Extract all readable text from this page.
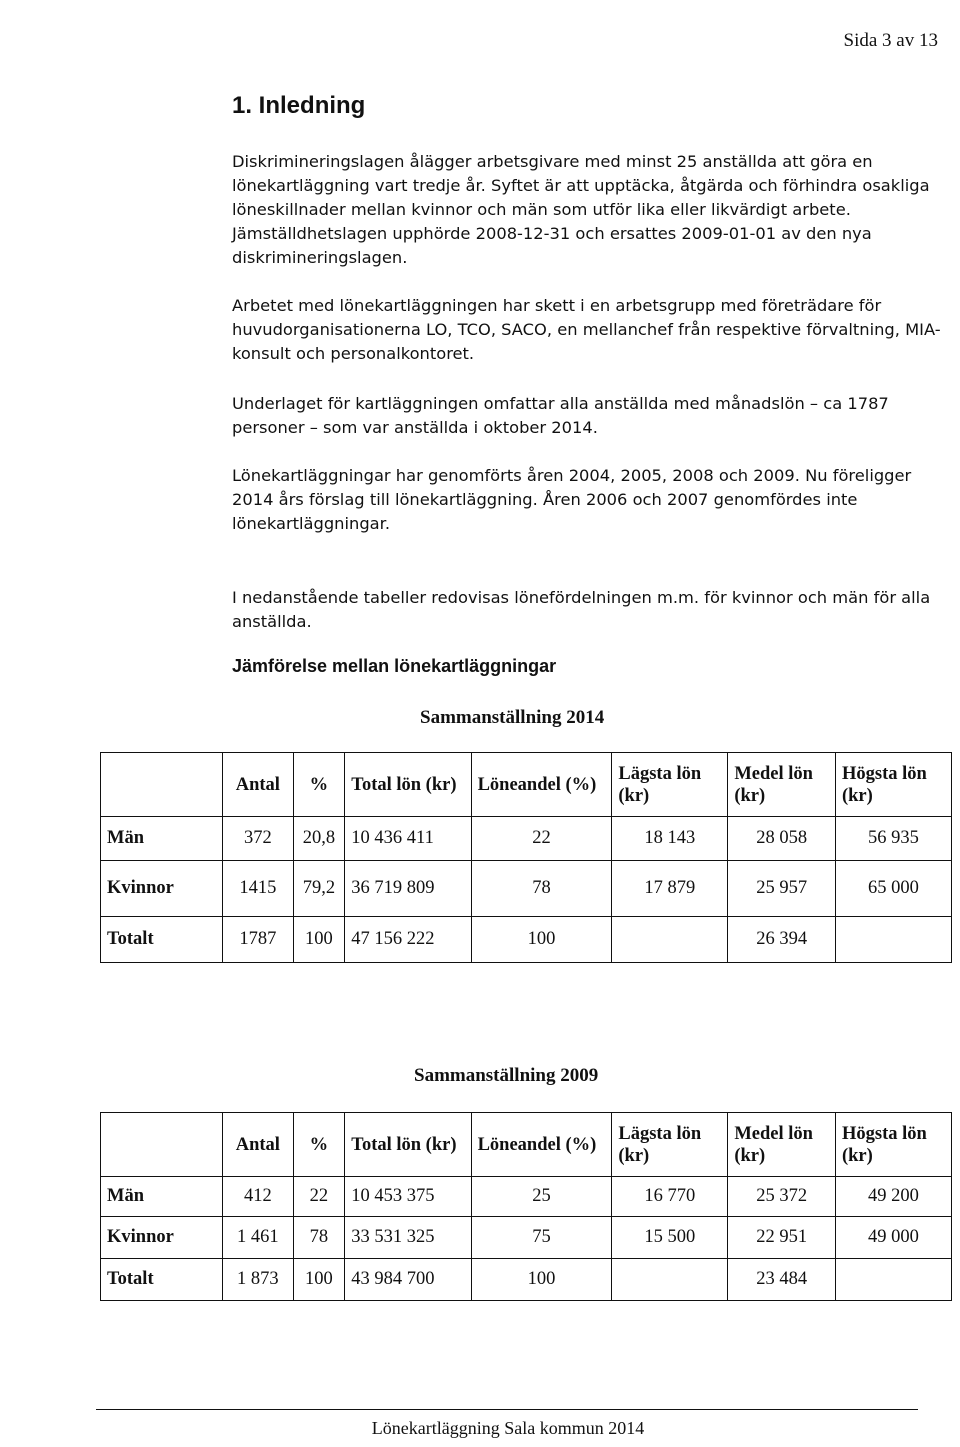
Sida 3 av 13
1. Inledning

Diskrimineringslagen ålägger arbetsgivare med minst 25 anställda att göra en lönekartläggning vart tredje år. Syftet är att upptäcka, åtgärda och förhindra osakliga löneskillnader mellan kvinnor och män som utför lika eller likvärdigt arbete. Jämställdhetslagen upphörde 2008-12-31 och ersattes 2009-01-01 av den nya diskrimineringslagen.

Arbetet med lönekartläggningen har skett i en arbetsgrupp med företrädare för huvudorganisationerna LO, TCO, SACO, en mellanchef från respektive förvaltning, MIA-konsult och personalkontoret.

Underlaget för kartläggningen omfattar alla anställda med månadslön – ca 1787 personer – som var anställda i oktober 2014.

Lönekartläggningar har genomförts åren 2004, 2005, 2008 och 2009. Nu föreligger 2014 års förslag till lönekartläggning. Åren 2006 och 2007 genomfördes inte lönekartläggningar.

I nedanstående tabeller redovisas lönefördelningen m.m. för kvinnor och män för alla anställda.

Jämförelse mellan lönekartläggningar
Sammanställning 2014
	Antal	%	Total lön (kr)	Löneandel (%)	Lägsta lön (kr)	Medel lön (kr)	Högsta lön (kr)
Män	372	20,8	10 436 411	22	18 143	28 058	56 935
Kvinnor	1415	79,2	36 719 809	78	17 879	25 957	65 000
Totalt	1787	100	47 156 222	100		26 394	
Sammanställning 2009
	Antal	%	Total lön (kr)	Löneandel (%)	Lägsta lön (kr)	Medel lön (kr)	Högsta lön (kr)
Män	412	22	10 453 375	25	16 770	25 372	49 200
Kvinnor	1 461	78	33 531 325	75	15 500	22 951	49 000
Totalt	1 873	100	43 984 700	100		23 484	
Lönekartläggning Sala kommun 2014
